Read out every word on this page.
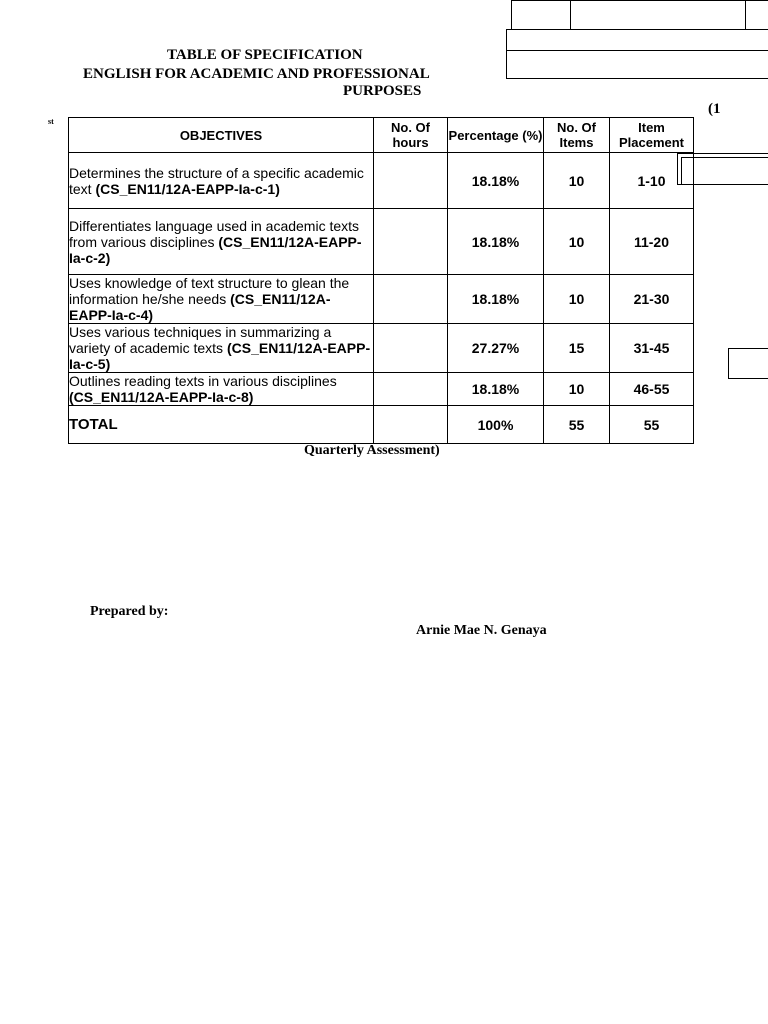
TABLE OF SPECIFICATION
ENGLISH FOR ACADEMIC AND PROFESSIONAL
PURPOSES
(1
st
OBJECTIVES	No. Of hours	Percentage (%)	No. Of Items	Item Placement
Determines the structure of a specific academic text (CS_EN11/12A-EAPP-Ia-c-1)		18.18%	10	1-10
Differentiates language used in academic texts from various disciplines (CS_EN11/12A-EAPP-Ia-c-2)		18.18%	10	11-20
Uses knowledge of text structure to glean the information he/she needs (CS_EN11/12A-EAPP-Ia-c-4)		18.18%	10	21-30
Uses various techniques in summarizing a variety of academic texts (CS_EN11/12A-EAPP-Ia-c-5)		27.27%	15	31-45
Outlines reading texts in various disciplines (CS_EN11/12A-EAPP-Ia-c-8)		18.18%	10	46-55
TOTAL		100%	55	55
Quarterly Assessment)
Prepared by:
Arnie Mae N. Genaya
